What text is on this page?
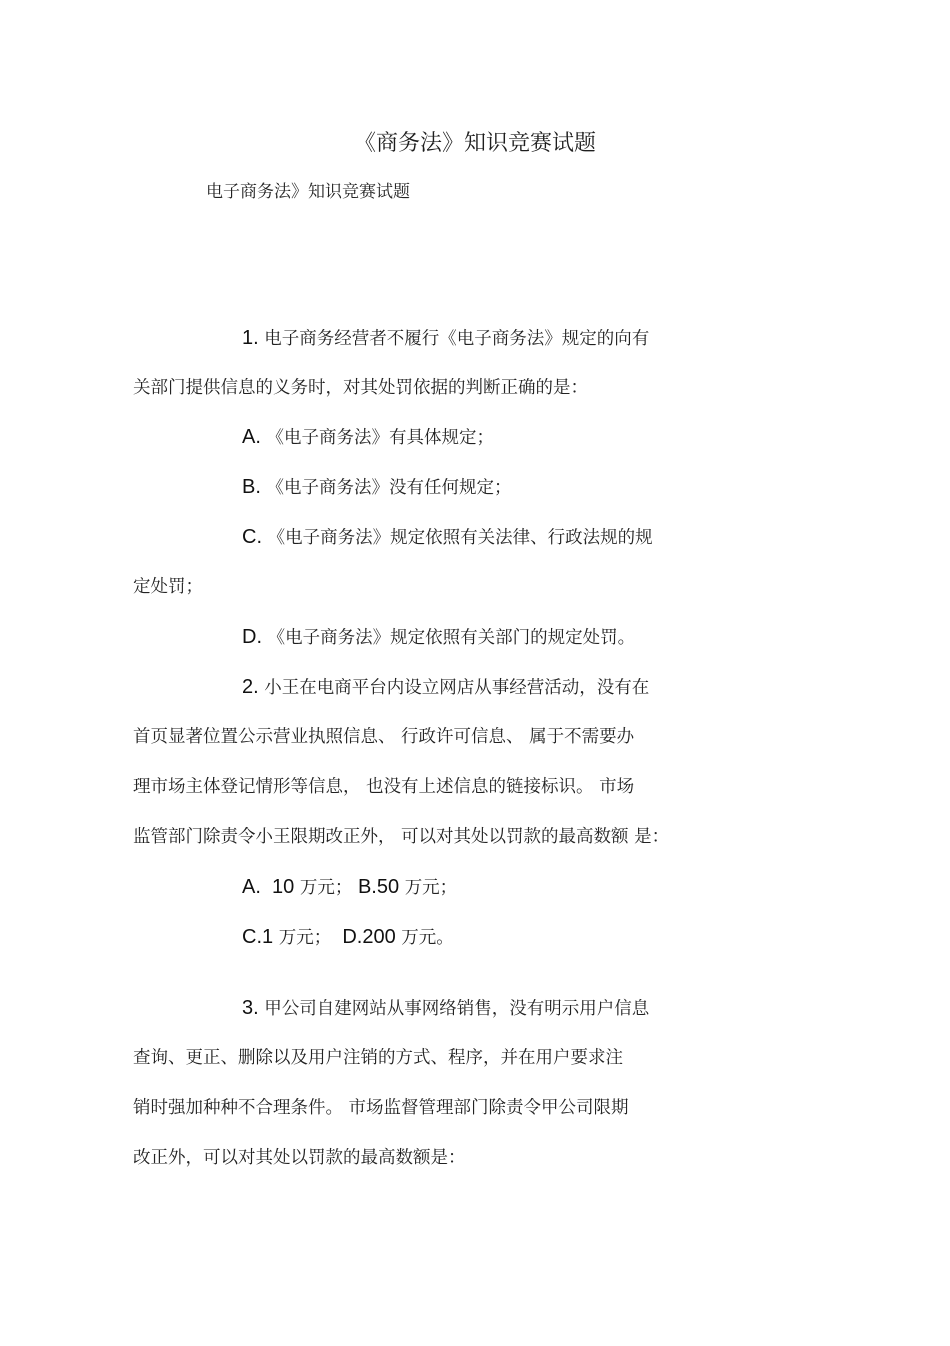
《商务法》知识竞赛试题
电子商务法》知识竞赛试题
1. 电子商务经营者不履行《电子商务法》规定的向有
关部门提供信息的义务时，对其处罚依据的判断正确的是：
A. 《电子商务法》有具体规定；
B. 《电子商务法》没有任何规定；
C. 《电子商务法》规定依照有关法律、行政法规的规
定处罚；
D. 《电子商务法》规定依照有关部门的规定处罚。
2. 小王在电商平台内设立网店从事经营活动，没有在
首页显著位置公示营业执照信息、 行政许可信息、 属于不需要办
理市场主体登记情形等信息， 也没有上述信息的链接标识。 市场
监管部门除责令小王限期改正外， 可以对其处以罚款的最高数额 是：
A. 10 万元； B.50 万元；
C.1 万元； D.200 万元。
3. 甲公司自建网站从事网络销售，没有明示用户信息
查询、更正、删除以及用户注销的方式、程序，并在用户要求注
销时强加种种不合理条件。 市场监督管理部门除责令甲公司限期
改正外，可以对其处以罚款的最高数额是：
